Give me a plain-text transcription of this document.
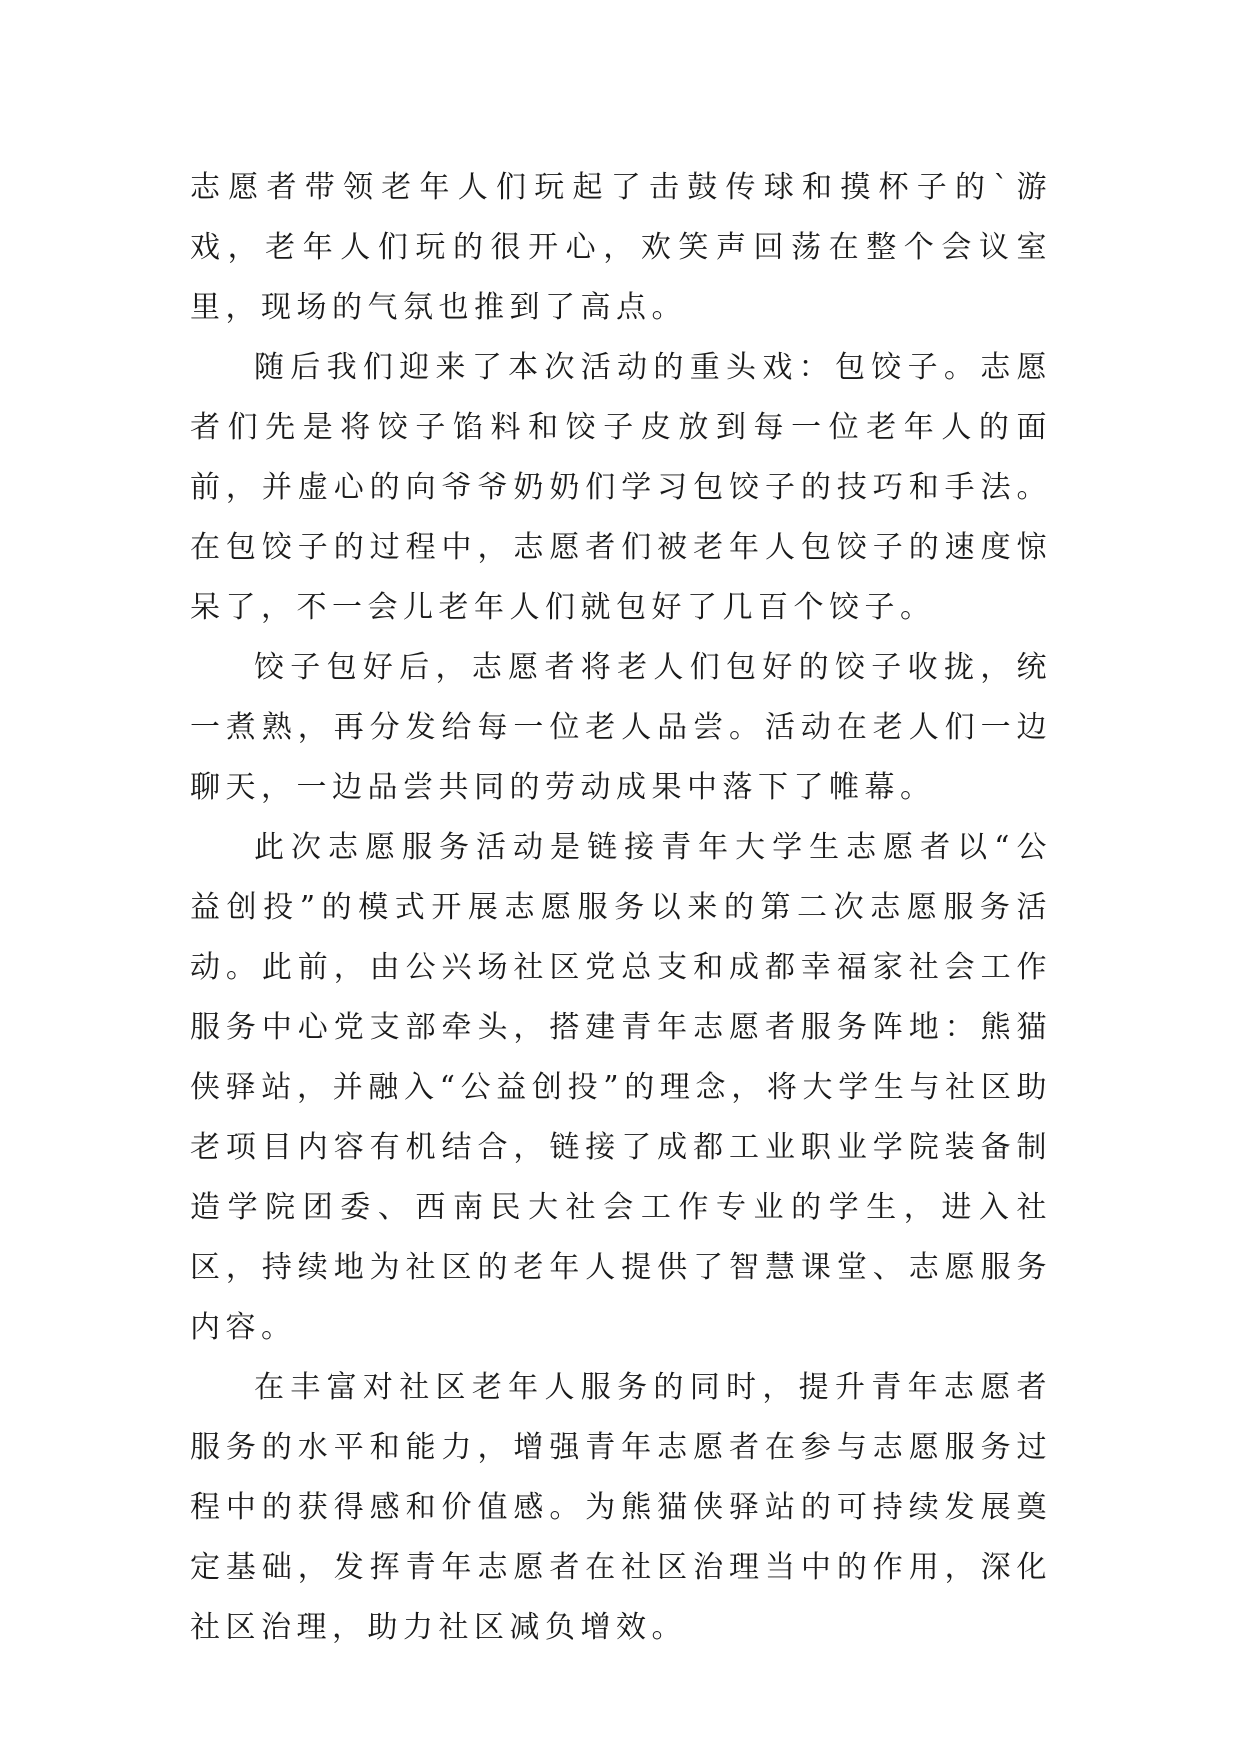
志愿者带领老年人们玩起了击鼓传球和摸杯子的`游戏，老年人们玩的很开心，欢笑声回荡在整个会议室里，现场的气氛也推到了高点。

随后我们迎来了本次活动的重头戏：包饺子。志愿者们先是将饺子馅料和饺子皮放到每一位老年人的面前，并虚心的向爷爷奶奶们学习包饺子的技巧和手法。在包饺子的过程中，志愿者们被老年人包饺子的速度惊呆了，不一会儿老年人们就包好了几百个饺子。

饺子包好后，志愿者将老人们包好的饺子收拢，统一煮熟，再分发给每一位老人品尝。活动在老人们一边聊天，一边品尝共同的劳动成果中落下了帷幕。

此次志愿服务活动是链接青年大学生志愿者以“公益创投”的模式开展志愿服务以来的第二次志愿服务活动。此前，由公兴场社区党总支和成都幸福家社会工作服务中心党支部牵头，搭建青年志愿者服务阵地：熊猫侠驿站，并融入“公益创投”的理念，将大学生与社区助老项目内容有机结合，链接了成都工业职业学院装备制造学院团委、西南民大社会工作专业的学生，进入社区，持续地为社区的老年人提供了智慧课堂、志愿服务内容。

在丰富对社区老年人服务的同时，提升青年志愿者服务的水平和能力，增强青年志愿者在参与志愿服务过程中的获得感和价值感。为熊猫侠驿站的可持续发展奠定基础，发挥青年志愿者在社区治理当中的作用，深化社区治理，助力社区减负增效。
